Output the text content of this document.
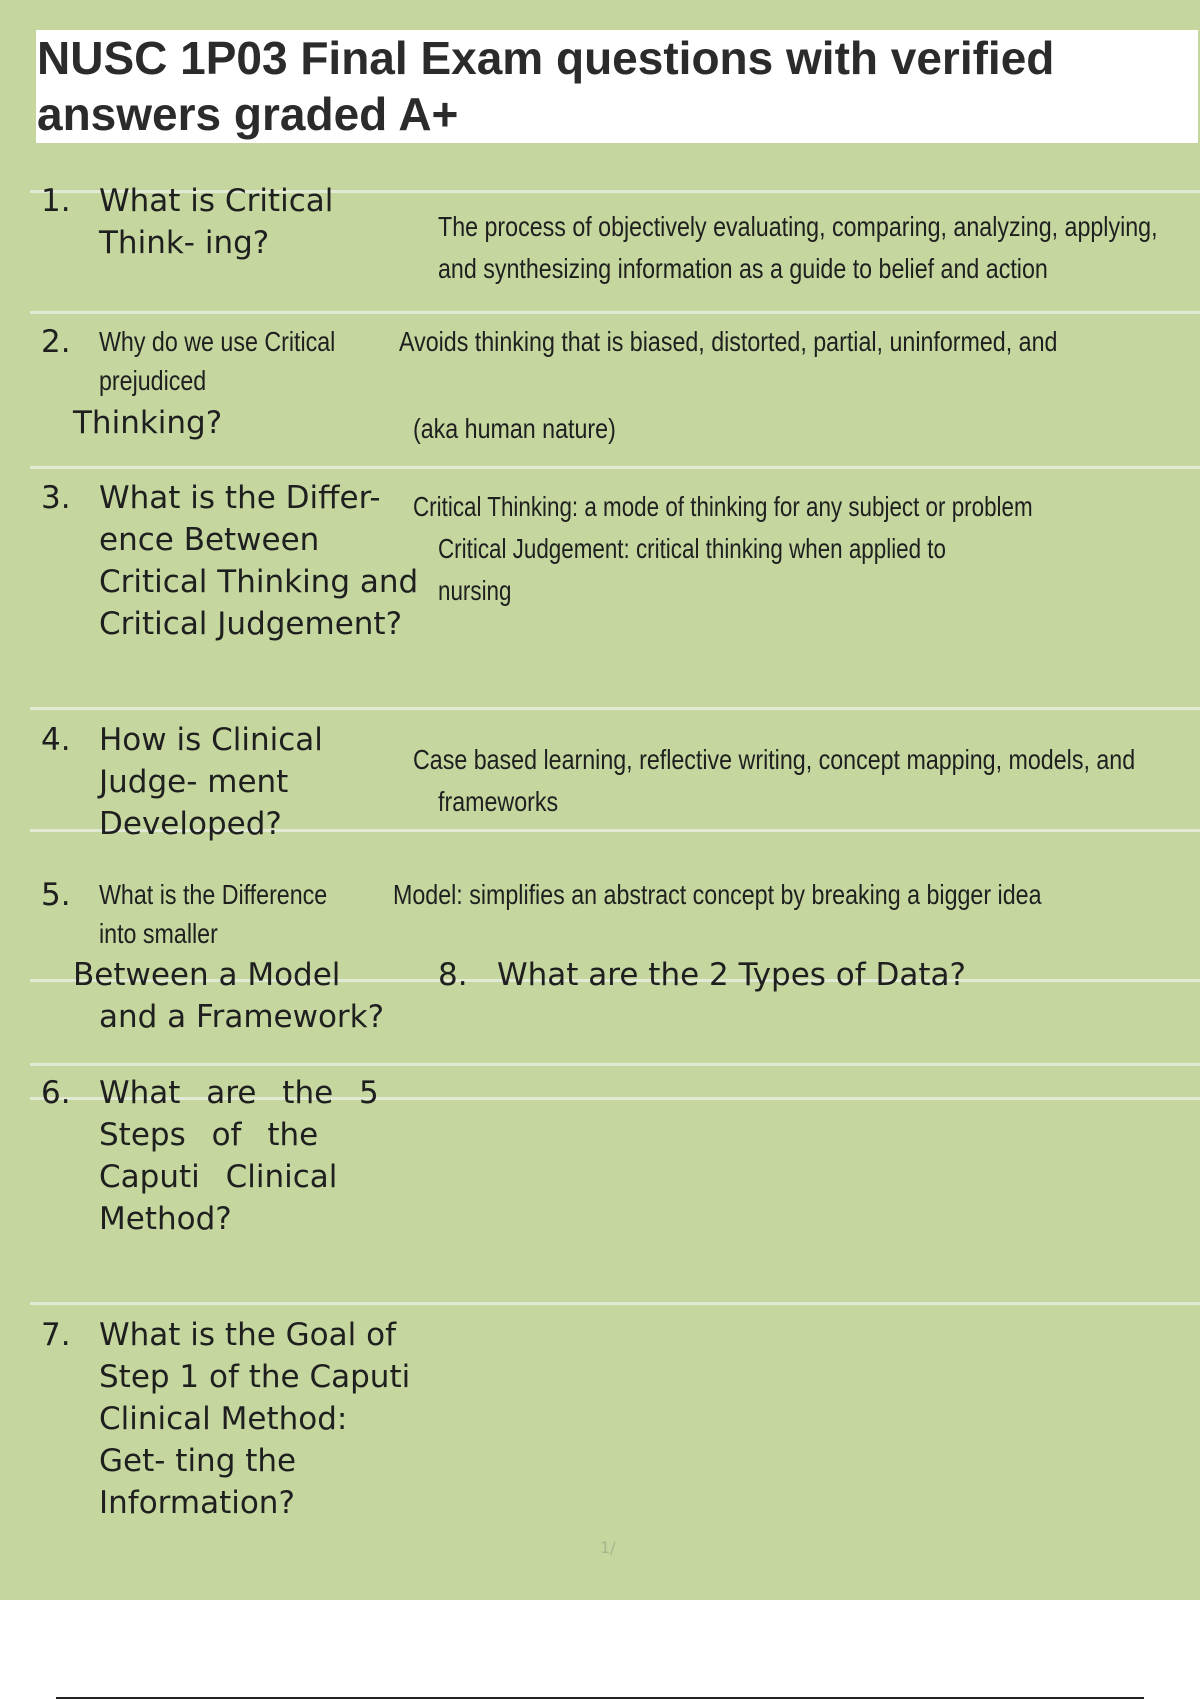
NUSC 1P03 Final Exam questions with verified answers graded A+

1. What is Critical Think- ing?	The process of objectively evaluating, comparing, analyzing, applying,

and synthesizing information as a guide to belief and action

2. Why do we use Critical Avoids thinking that is biased, distorted, partial, uninformed, and

prejudiced

Thinking?	(aka human nature)

3. What is the Differ- ence Between Critical Thinking and Critical Judgement?

Critical Thinking: a mode of thinking for any subject or problem

Critical Judgement: critical thinking when applied to

nursing

4. How is Clinical Judge- ment Developed?

Case based learning, reflective writing, concept mapping, models, and

frameworks

5. What is the Difference Model: simplifies an abstract concept by breaking a bigger idea

into smaller

Between a Model

and a Framework?

8. What are the 2 Types of Data?

6. What are the 5 Steps of the Caputi Clinical Method?

7. What is the Goal of Step 1 of the Caputi Clinical Method: Get- ting the Information?

1/
